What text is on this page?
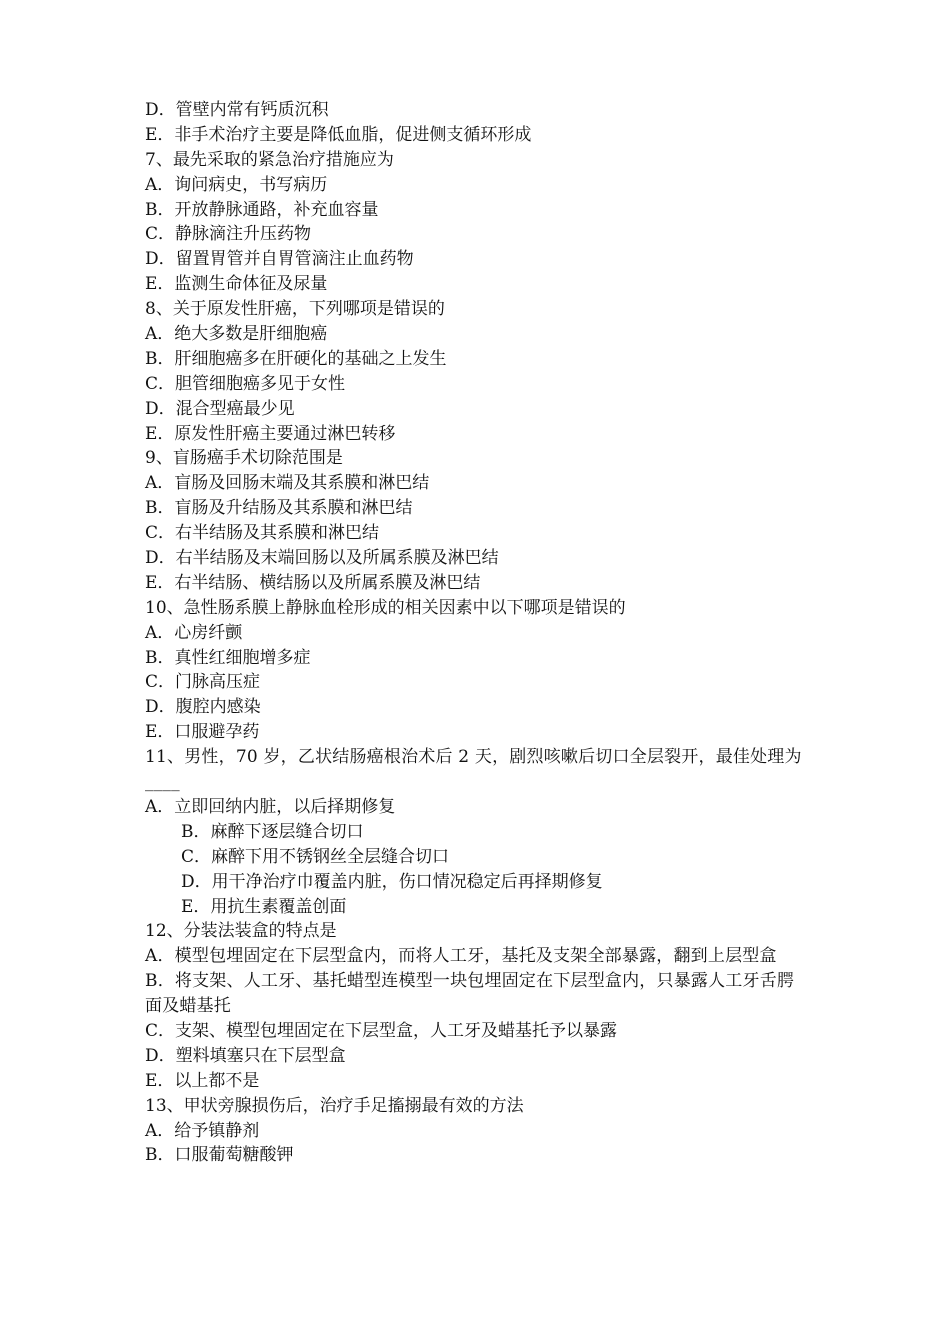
D．管壁内常有钙质沉积

E．非手术治疗主要是降低血脂，促进侧支循环形成

7、最先采取的紧急治疗措施应为

A．询问病史，书写病历

B．开放静脉通路，补充血容量

C．静脉滴注升压药物

D．留置胃管并自胃管滴注止血药物

E．监测生命体征及尿量

8、关于原发性肝癌，下列哪项是错误的

A．绝大多数是肝细胞癌

B．肝细胞癌多在肝硬化的基础之上发生

C．胆管细胞癌多见于女性

D．混合型癌最少见

E．原发性肝癌主要通过淋巴转移

9、盲肠癌手术切除范围是

A．盲肠及回肠末端及其系膜和淋巴结

B．盲肠及升结肠及其系膜和淋巴结

C．右半结肠及其系膜和淋巴结

D．右半结肠及末端回肠以及所属系膜及淋巴结

E．右半结肠、横结肠以及所属系膜及淋巴结

10、急性肠系膜上静脉血栓形成的相关因素中以下哪项是错误的

A．心房纤颤

B．真性红细胞增多症

C．门脉高压症

D．腹腔内感染

E．口服避孕药

11、男性，70 岁，乙状结肠癌根治术后 2 天，剧烈咳嗽后切口全层裂开，最佳处理为____

A．立即回纳内脏，以后择期修复

B．麻醉下逐层缝合切口

C．麻醉下用不锈钢丝全层缝合切口

D．用干净治疗巾覆盖内脏，伤口情况稳定后再择期修复

E．用抗生素覆盖创面

12、分装法装盒的特点是

A．模型包埋固定在下层型盒内，而将人工牙，基托及支架全部暴露，翻到上层型盒

B．将支架、人工牙、基托蜡型连模型一块包埋固定在下层型盒内，只暴露人工牙舌腭面及蜡基托

C．支架、模型包埋固定在下层型盒，人工牙及蜡基托予以暴露

D．塑料填塞只在下层型盒

E．以上都不是

13、甲状旁腺损伤后，治疗手足搐搦最有效的方法

A．给予镇静剂

B．口服葡萄糖酸钾
